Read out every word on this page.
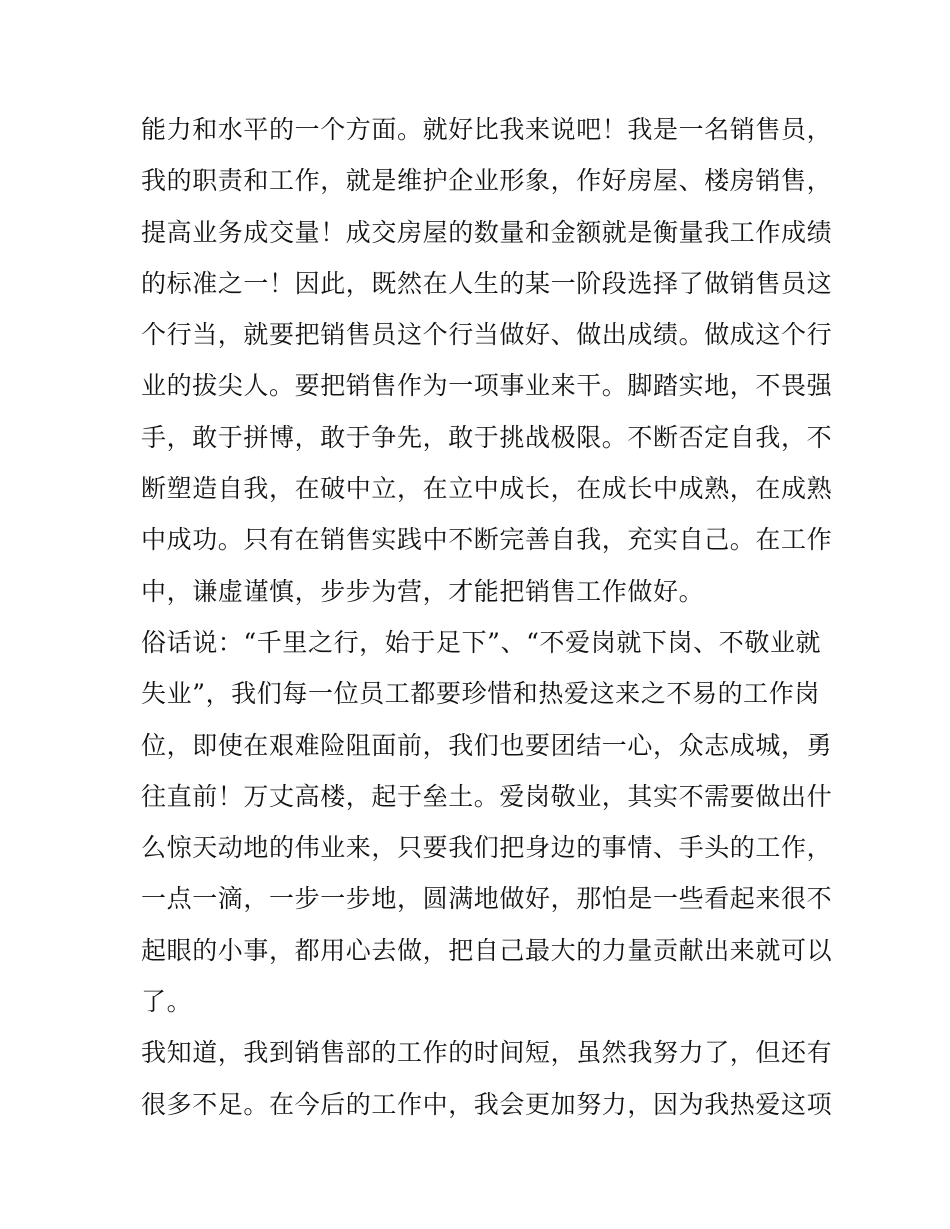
能力和水平的一个方面。就好比我来说吧！我是一名销售员，
我的职责和工作，就是维护企业形象，作好房屋、楼房销售，
提高业务成交量！成交房屋的数量和金额就是衡量我工作成绩
的标准之一！因此，既然在人生的某一阶段选择了做销售员这
个行当，就要把销售员这个行当做好、做出成绩。做成这个行
业的拔尖人。要把销售作为一项事业来干。脚踏实地，不畏强
手，敢于拼博，敢于争先，敢于挑战极限。不断否定自我，不
断塑造自我，在破中立，在立中成长，在成长中成熟，在成熟
中成功。只有在销售实践中不断完善自我，充实自己。在工作
中，谦虚谨慎，步步为营，才能把销售工作做好。
俗话说：“千里之行，始于足下”、“不爱岗就下岗、不敬业就
失业”，我们每一位员工都要珍惜和热爱这来之不易的工作岗
位，即使在艰难险阻面前，我们也要团结一心，众志成城，勇
往直前！万丈高楼，起于垒土。爱岗敬业，其实不需要做出什
么惊天动地的伟业来，只要我们把身边的事情、手头的工作，
一点一滴，一步一步地，圆满地做好，那怕是一些看起来很不
起眼的小事，都用心去做，把自己最大的力量贡献出来就可以
了。
我知道，我到销售部的工作的时间短，虽然我努力了，但还有
很多不足。在今后的工作中，我会更加努力，因为我热爱这项
